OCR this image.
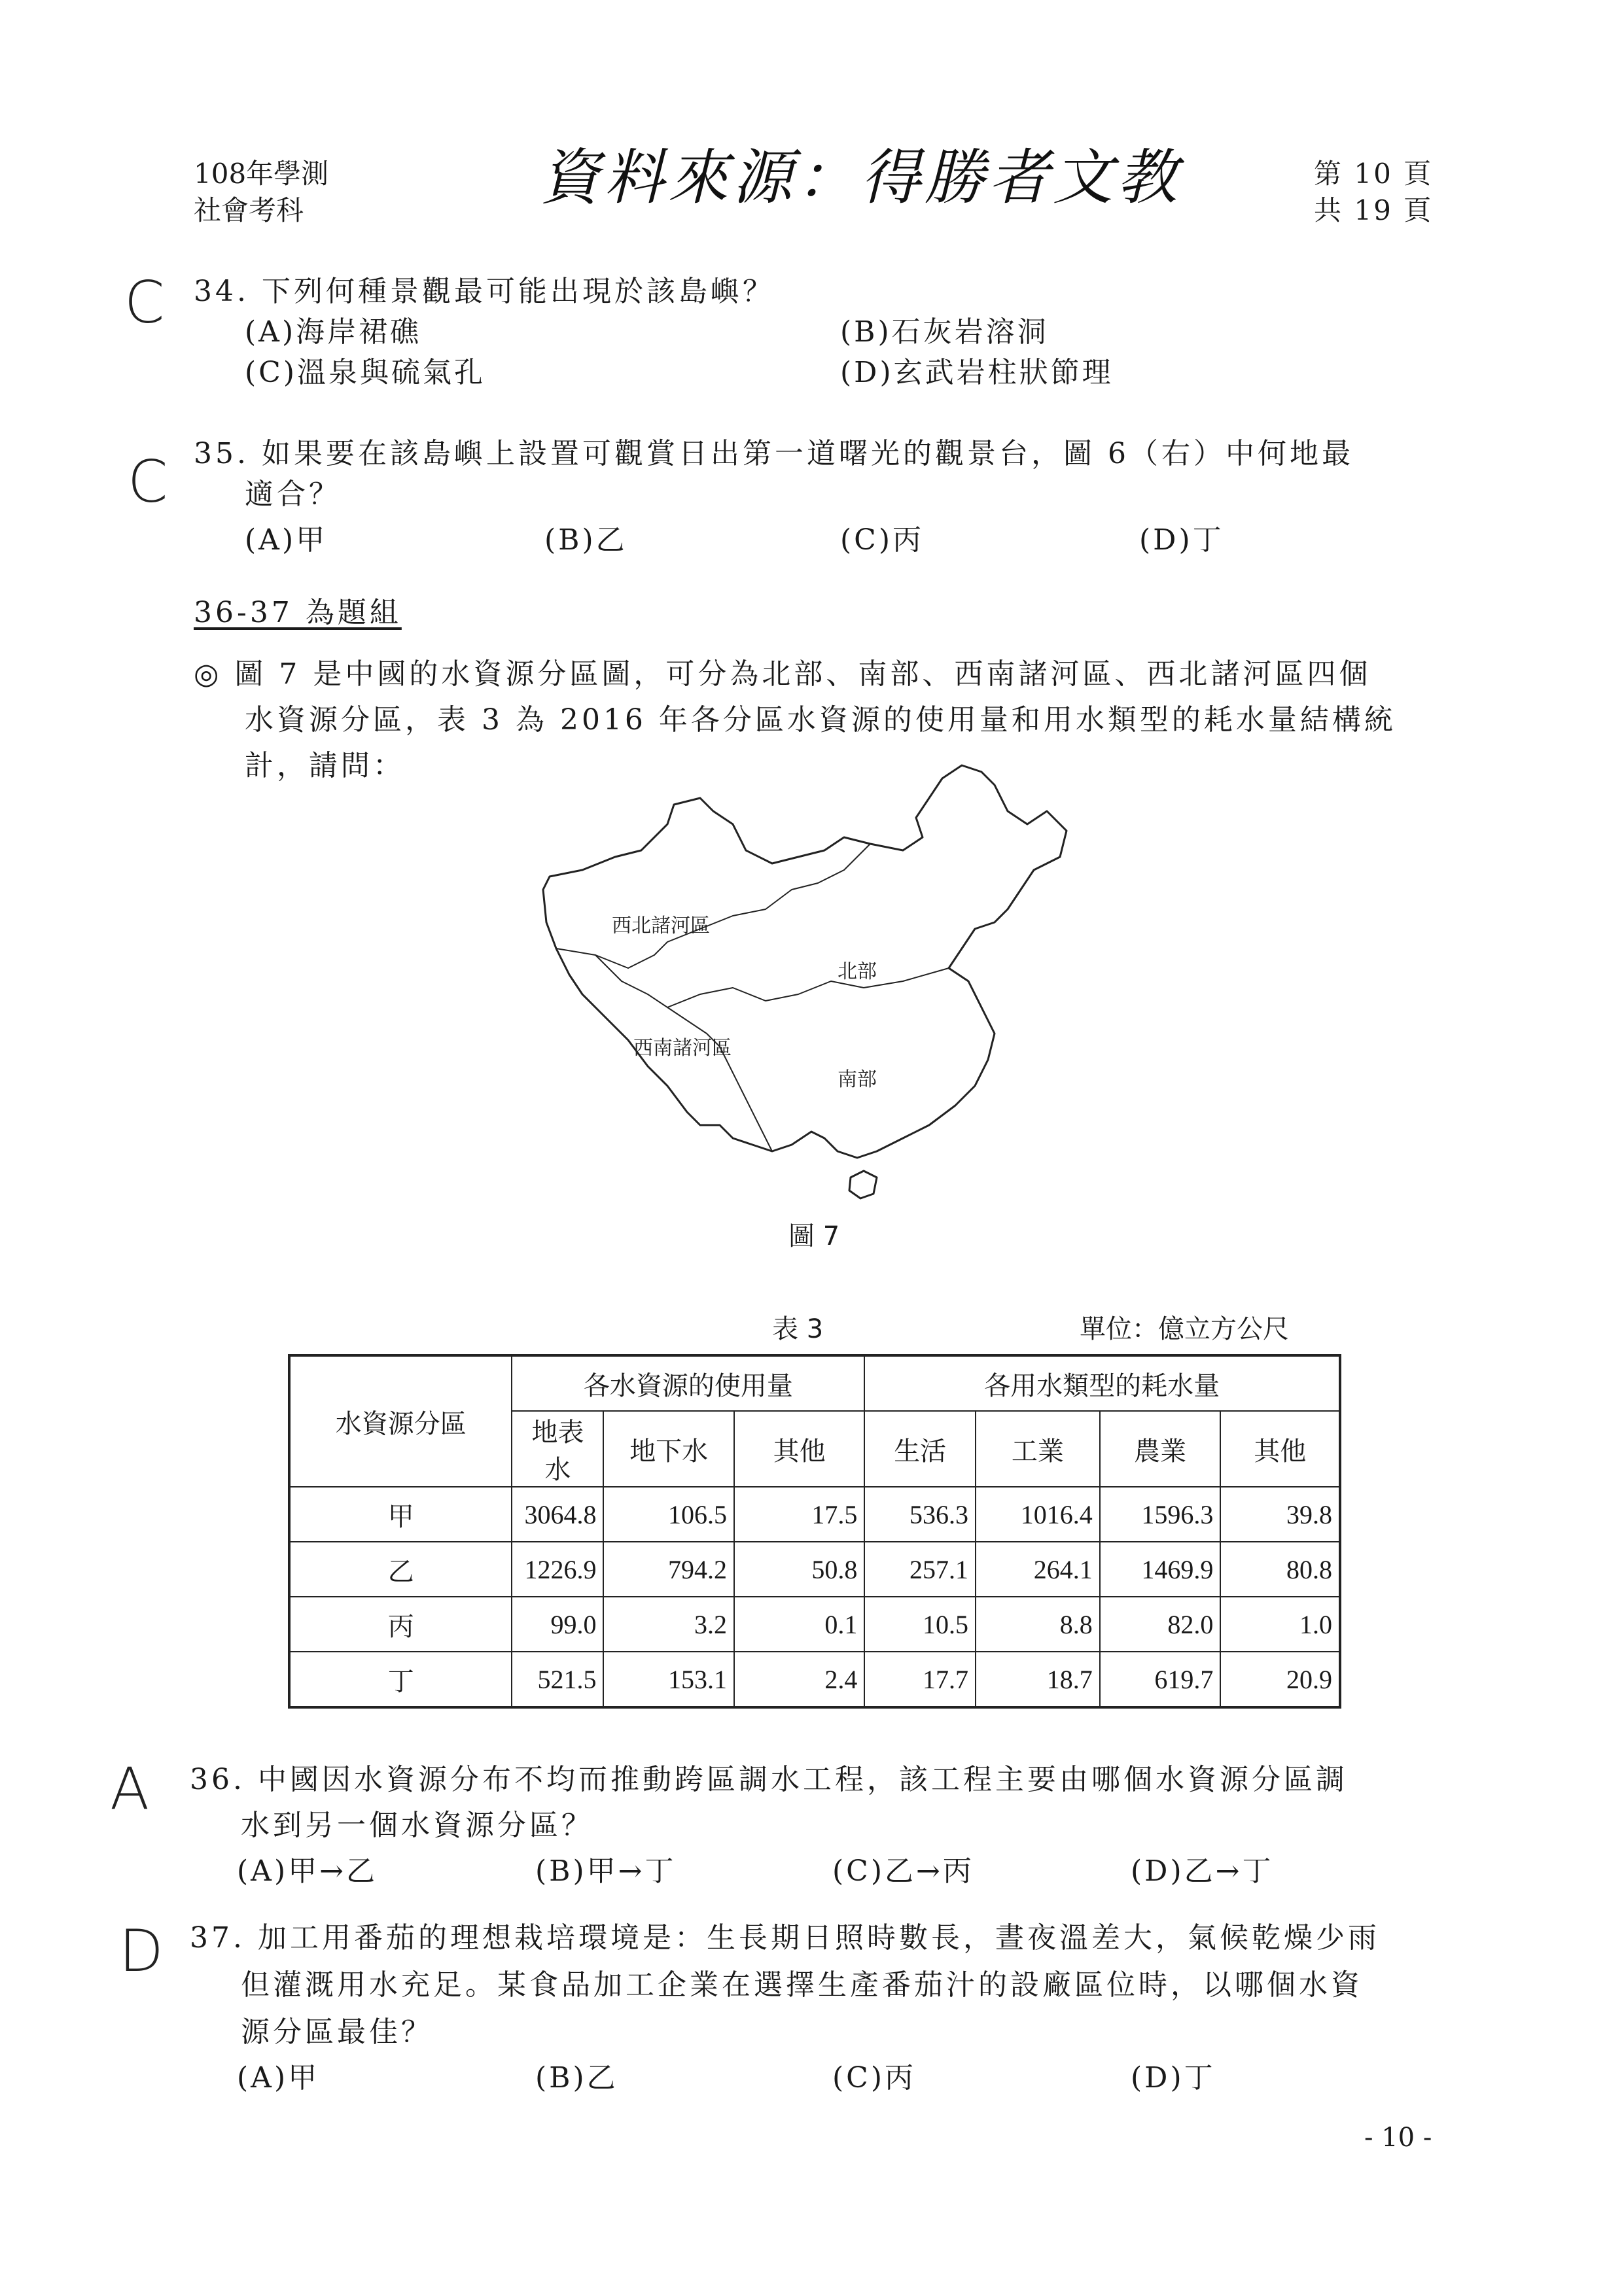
108年學測
社會考科	資料來源：得勝者文教	第 10 頁
共 19 頁
C 34. 下列何種景觀最可能出現於該島嶼？
(A)海岸裙礁	(B)石灰岩溶洞
(C)溫泉與硫氣孔	(D)玄武岩柱狀節理
C 35. 如果要在該島嶼上設置可觀賞日出第一道曙光的觀景台，圖 6（右）中何地最
適合？
(A)甲	(B)乙	(C)丙	(D)丁
36-37 為題組
◎ 圖 7 是中國的水資源分區圖，可分為北部、南部、西南諸河區、西北諸河區四個
水資源分區，表 3 為 2016 年各分區水資源的使用量和用水類型的耗水量結構統
計，請問：
西北諸河區
北部
西南諸河區
南部
圖 7
表 3	單位：億立方公尺
水資源分區	各水資源的使用量			各用水類型的耗水量			
	地表水	地下水	其他	生活	工業	農業	其他
甲	3064.8	106.5	17.5	536.3	1016.4	1596.3	39.8
乙	1226.9	794.2	50.8	257.1	264.1	1469.9	80.8
丙	99.0	3.2	0.1	10.5	8.8	82.0	1.0
丁	521.5	153.1	2.4	17.7	18.7	619.7	20.9
A 36. 中國因水資源分布不均而推動跨區調水工程，該工程主要由哪個水資源分區調
水到另一個水資源分區？
(A)甲→乙	(B)甲→丁	(C)乙→丙	(D)乙→丁
D 37. 加工用番茄的理想栽培環境是：生長期日照時數長，晝夜溫差大，氣候乾燥少雨
但灌溉用水充足。某食品加工企業在選擇生產番茄汁的設廠區位時，以哪個水資
源分區最佳？
(A)甲	(B)乙	(C)丙	(D)丁
- 10 -
